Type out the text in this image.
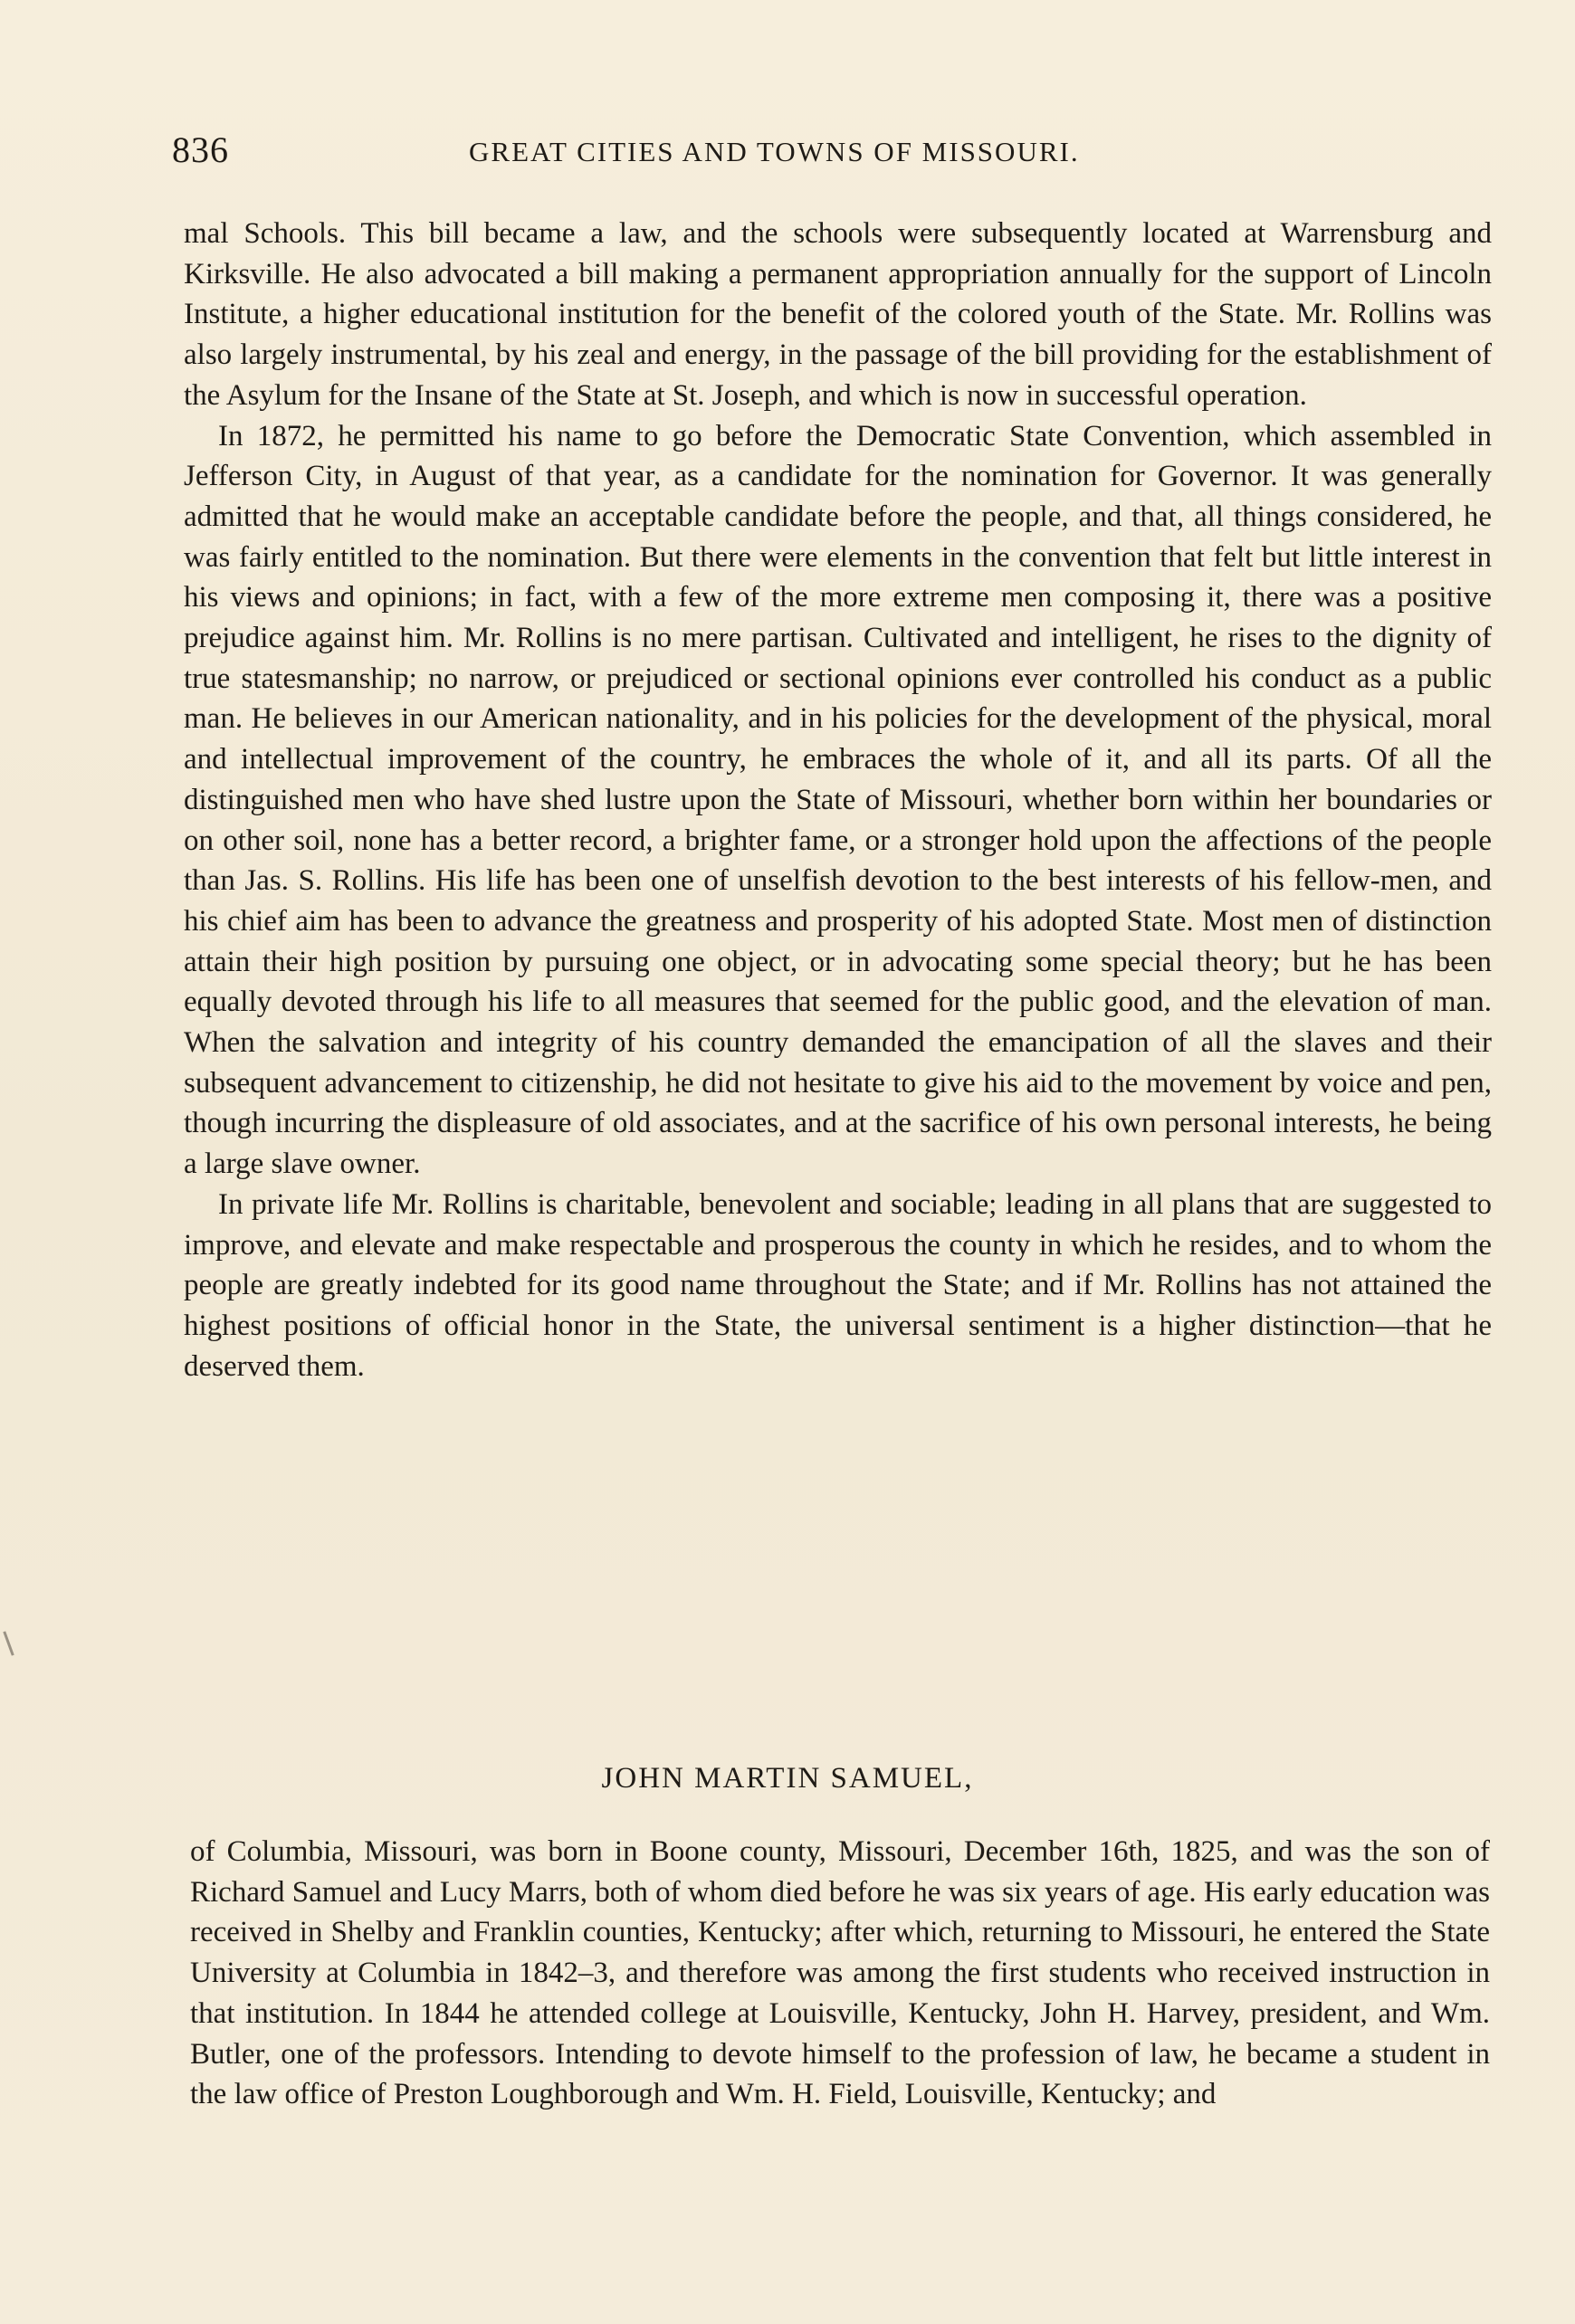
836	GREAT CITIES AND TOWNS OF MISSOURI.

mal Schools. This bill became a law, and the schools were subsequently located at Warrensburg and Kirksville. He also advocated a bill making a permanent appropriation annually for the support of Lincoln Institute, a higher educational institution for the benefit of the colored youth of the State. Mr. Rollins was also largely instrumental, by his zeal and energy, in the passage of the bill providing for the establishment of the Asylum for the Insane of the State at St. Joseph, and which is now in successful operation.

In 1872, he permitted his name to go before the Democratic State Convention, which assembled in Jefferson City, in August of that year, as a candidate for the nomination for Governor. It was generally admitted that he would make an acceptable candidate before the people, and that, all things considered, he was fairly entitled to the nomination. But there were elements in the convention that felt but little interest in his views and opinions; in fact, with a few of the more extreme men composing it, there was a positive prejudice against him. Mr. Rollins is no mere partisan. Cultivated and intelligent, he rises to the dignity of true statesmanship; no narrow, or prejudiced or sectional opinions ever controlled his conduct as a public man. He believes in our American nationality, and in his policies for the development of the physical, moral and intellectual improvement of the country, he embraces the whole of it, and all its parts. Of all the distinguished men who have shed lustre upon the State of Missouri, whether born within her boundaries or on other soil, none has a better record, a brighter fame, or a stronger hold upon the affections of the people than Jas. S. Rollins. His life has been one of unselfish devotion to the best interests of his fellow-men, and his chief aim has been to advance the greatness and prosperity of his adopted State. Most men of distinction attain their high position by pursuing one object, or in advocating some special theory; but he has been equally devoted through his life to all measures that seemed for the public good, and the elevation of man. When the salvation and integrity of his country demanded the emancipation of all the slaves and their subsequent advancement to citizenship, he did not hesitate to give his aid to the movement by voice and pen, though incurring the displeasure of old associates, and at the sacrifice of his own personal interests, he being a large slave owner.

In private life Mr. Rollins is charitable, benevolent and sociable; leading in all plans that are suggested to improve, and elevate and make respectable and prosperous the county in which he resides, and to whom the people are greatly indebted for its good name throughout the State; and if Mr. Rollins has not attained the highest positions of official honor in the State, the universal sentiment is a higher distinction—that he deserved them.

JOHN MARTIN SAMUEL,

of Columbia, Missouri, was born in Boone county, Missouri, December 16th, 1825, and was the son of Richard Samuel and Lucy Marrs, both of whom died before he was six years of age. His early education was received in Shelby and Franklin counties, Kentucky; after which, returning to Missouri, he entered the State University at Columbia in 1842–3, and therefore was among the first students who received instruction in that institution. In 1844 he attended college at Louisville, Kentucky, John H. Harvey, president, and Wm. Butler, one of the professors. Intending to devote himself to the profession of law, he became a student in the law office of Preston Loughborough and Wm. H. Field, Louisville, Kentucky; and
